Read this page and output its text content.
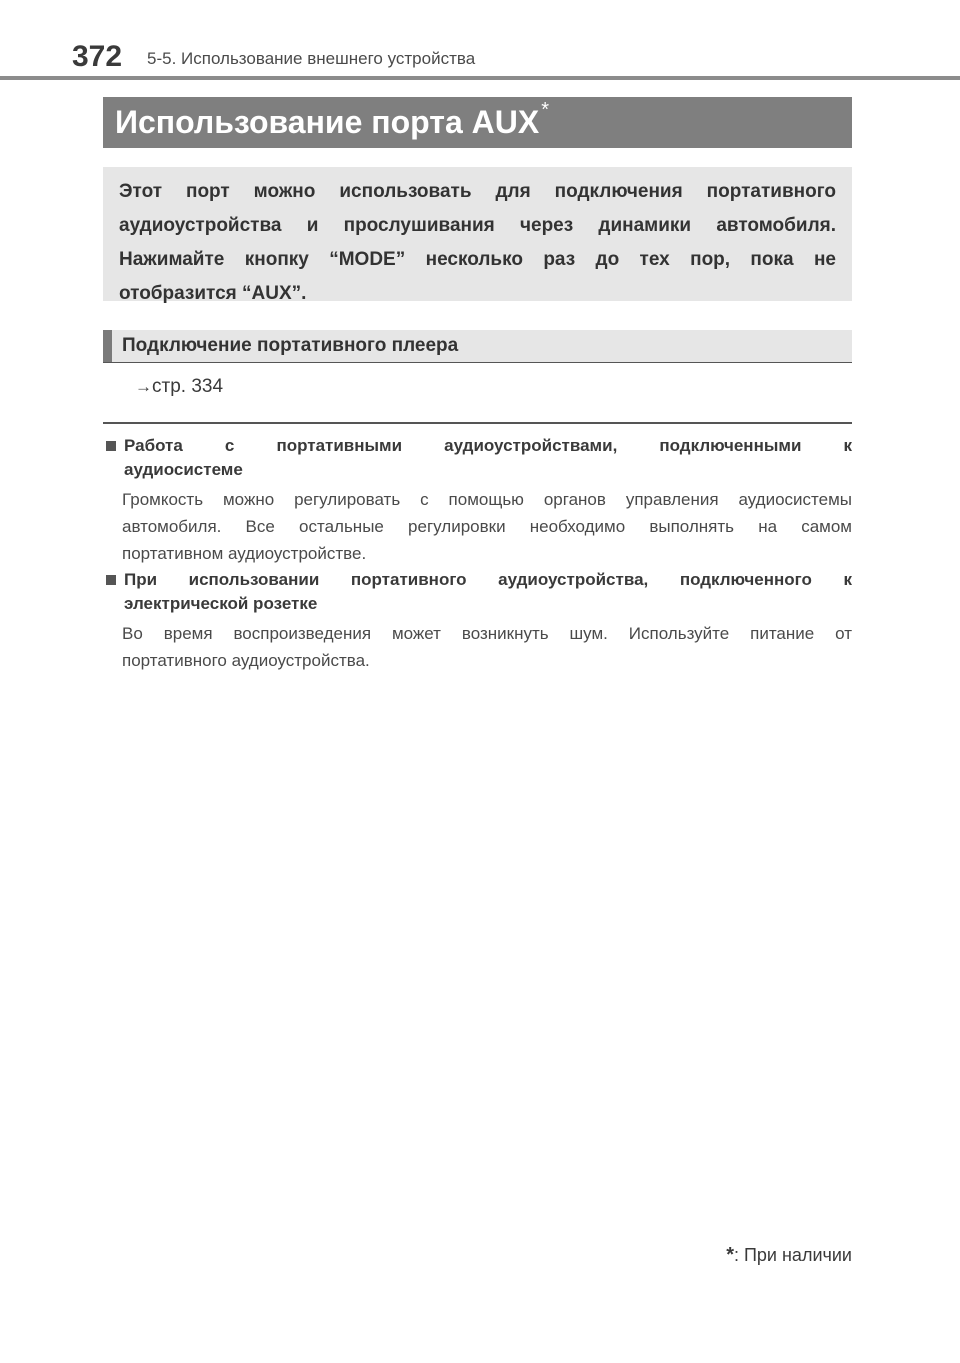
372 5-5. Использование внешнего устройства
Использование порта AUX *
Этот порт можно использовать для подключения портативного
аудиоустройства и прослушивания через динамики автомобиля.
Нажимайте кнопку “MODE” несколько раз до тех пор, пока не
отобразится “AUX”.
Подключение портативного плеера
→стр. 334
Работа с портативными аудиоустройствами, подключенными к
аудиосистеме
Громкость можно регулировать с помощью органов управления аудиосистемы
автомобиля. Все остальные регулировки необходимо выполнять на самом
портативном аудиоустройстве.
При использовании портативного аудиоустройства, подключенного к
электрической розетке
Во время воспроизведения может возникнуть шум. Используйте питание от
портативного аудиоустройства.
*: При наличии
